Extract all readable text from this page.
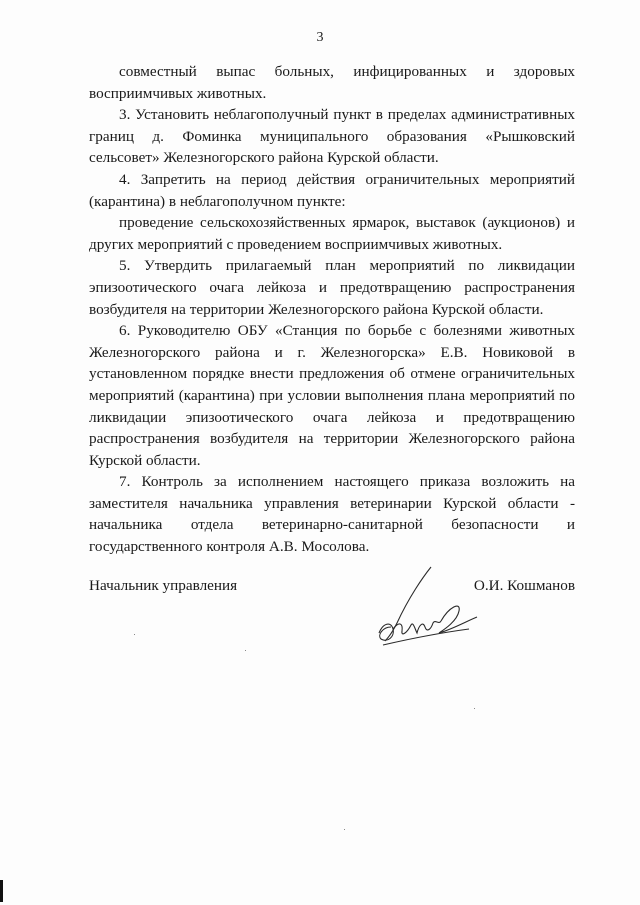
3

совместный выпас больных, инфицированных и здоровых восприимчивых животных.

3. Установить неблагополучный пункт в пределах административных границ д. Фоминка муниципального образования «Рышковский сельсовет» Железногорского района Курской области.

4. Запретить на период действия ограничительных мероприятий (карантина) в неблагополучном пункте:

проведение сельскохозяйственных ярмарок, выставок (аукционов) и других мероприятий с проведением восприимчивых животных.

5. Утвердить прилагаемый план мероприятий по ликвидации эпизоотического очага лейкоза и предотвращению распространения возбудителя на территории Железногорского района Курской области.

6. Руководителю ОБУ «Станция по борьбе с болезнями животных Железногорского района и г. Железногорска» Е.В. Новиковой в установленном порядке внести предложения об отмене ограничительных мероприятий (карантина) при условии выполнения плана мероприятий по ликвидации эпизоотического очага лейкоза и предотвращению распространения возбудителя на территории Железногорского района Курской области.

7. Контроль за исполнением настоящего приказа возложить на заместителя начальника управления ветеринарии Курской области - начальника отдела ветеринарно-санитарной безопасности и государственного контроля А.В. Мосолова.

Начальник управления	О.И. Кошманов
